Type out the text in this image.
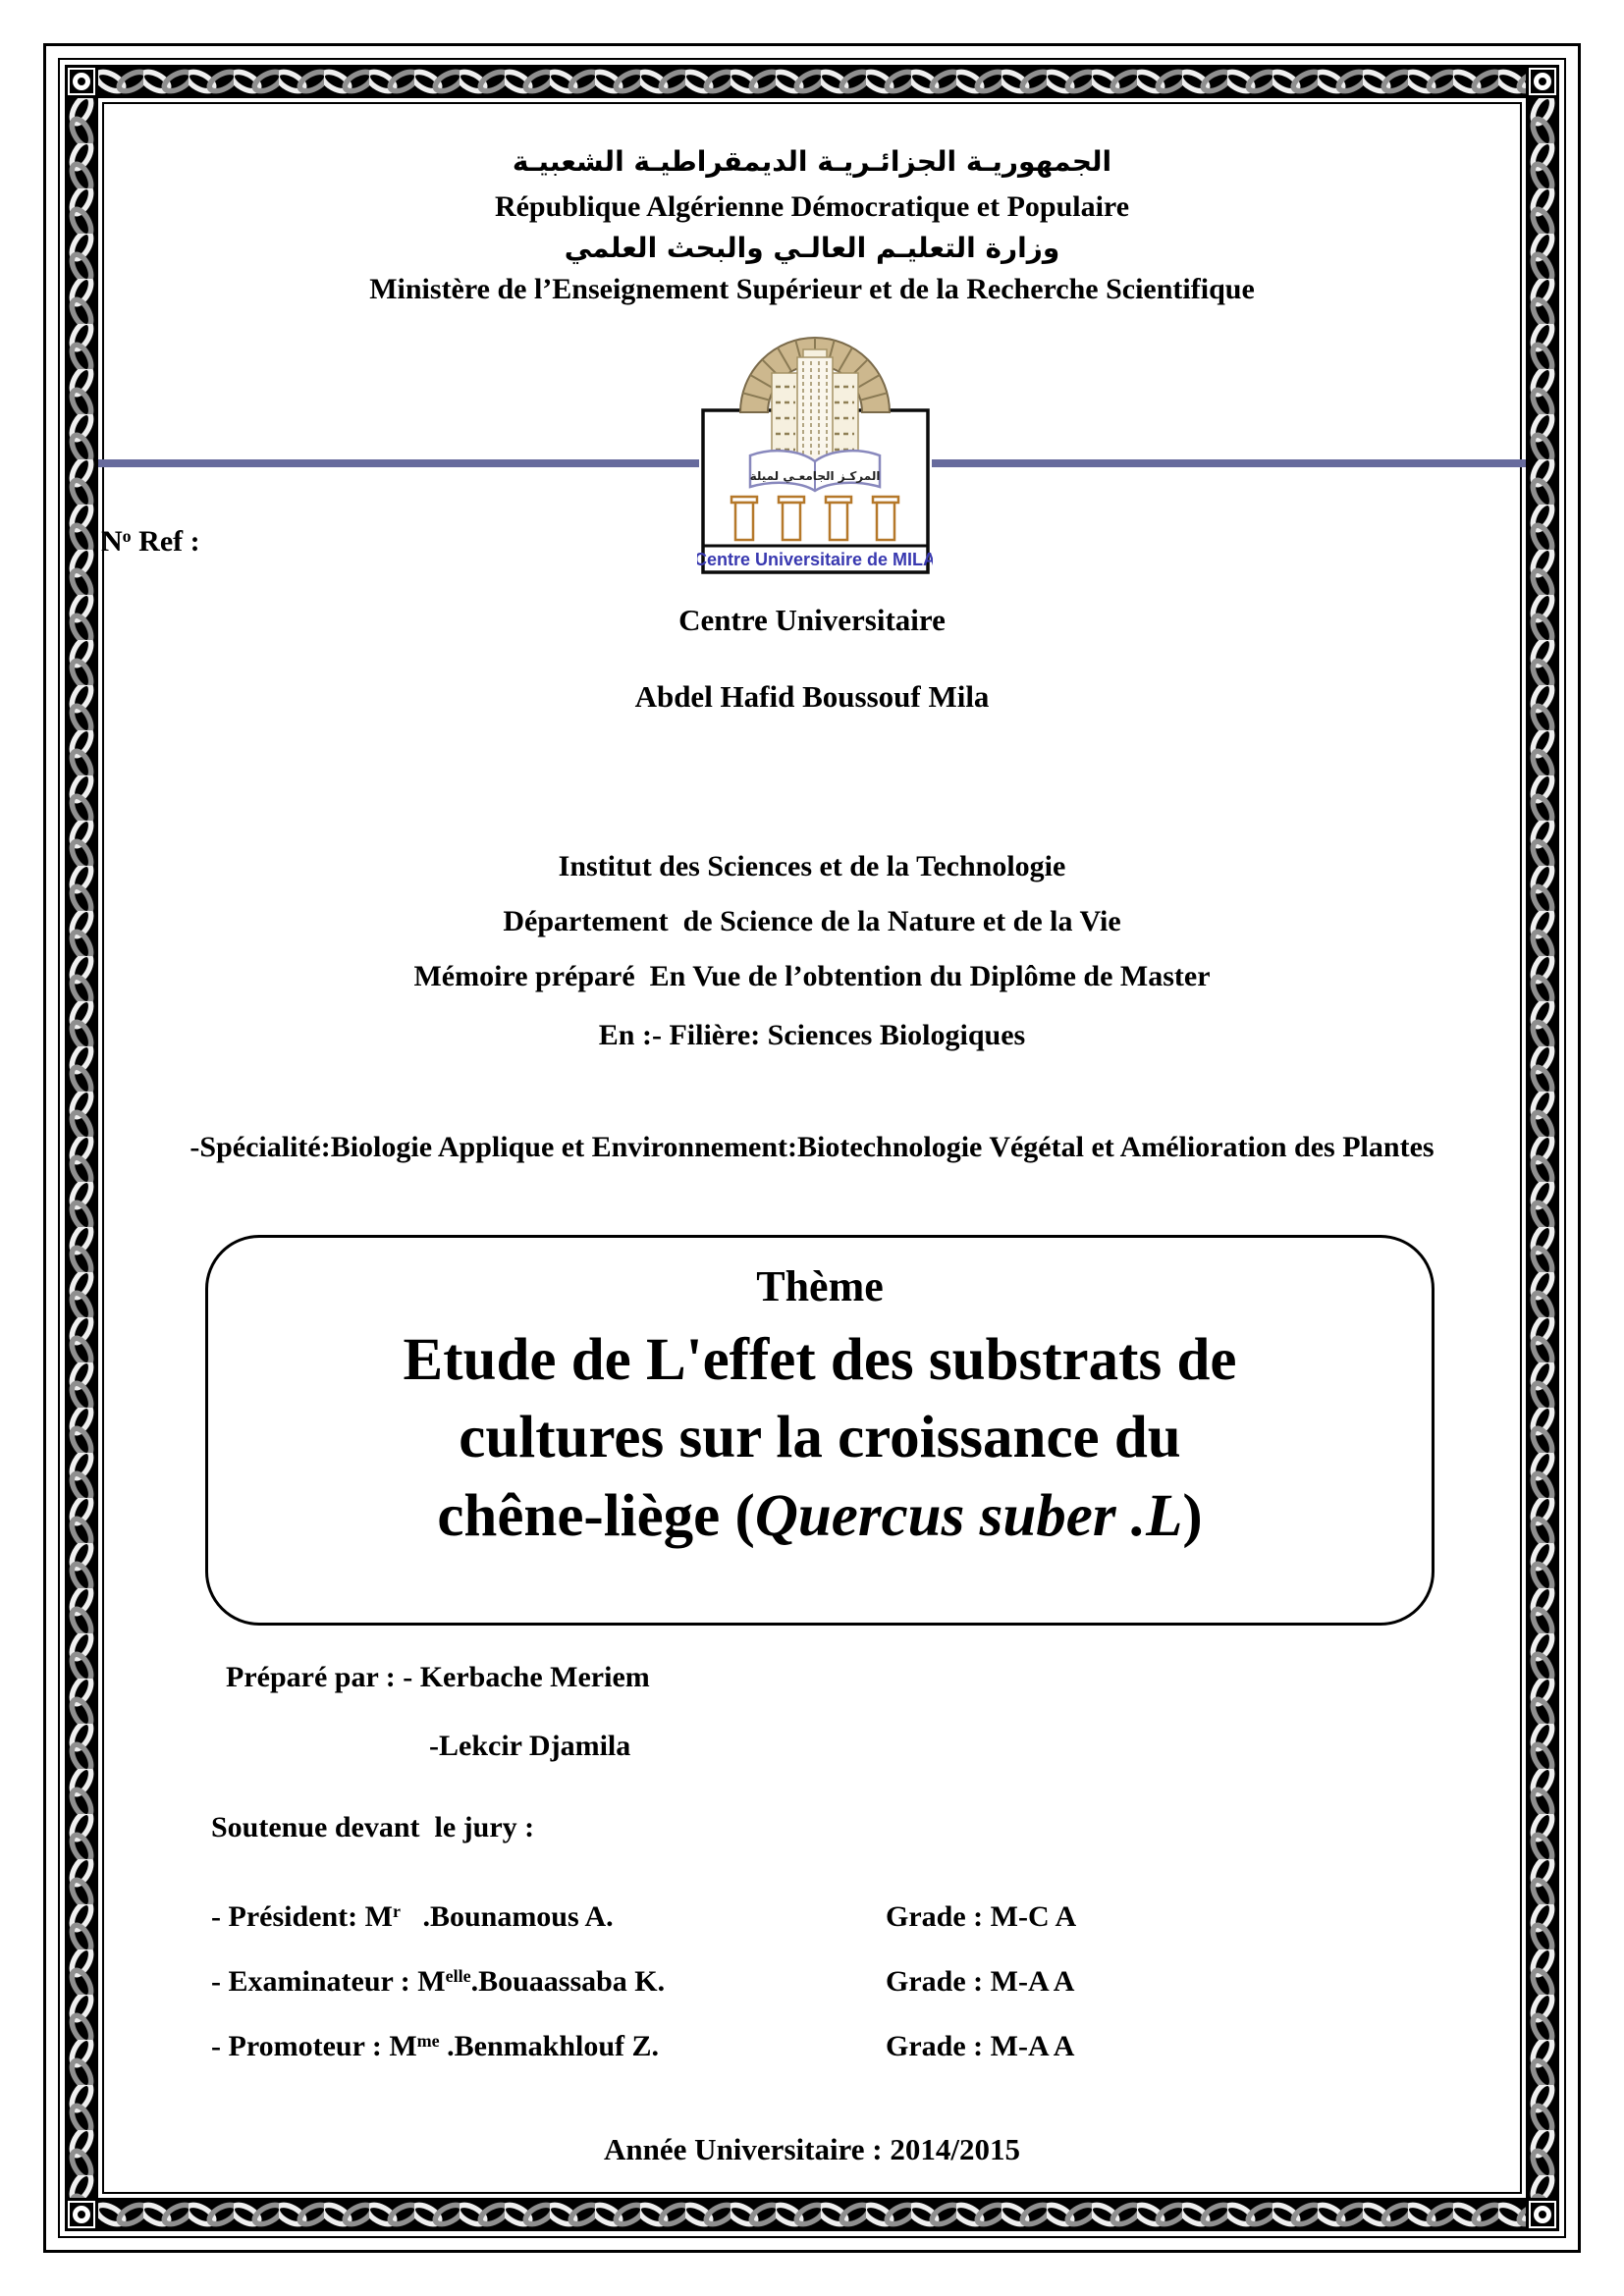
الجمهوريـة الجزائـريـة الديمقراطيـة الشعبيـة
République Algérienne Démocratique et Populaire
وزارة التعليـم العالـي والبحث العلمي
Ministère de l’Enseignement Supérieur et de la Recherche Scientifique
$N^o$ Ref :
المركـز الجامعـي لميلة
Centre Universitaire de MILA
Centre Universitaire
Abdel Hafid Boussouf Mila
Institut des Sciences et de la Technologie
Département  de Science de la Nature et de la Vie
Mémoire préparé  En Vue de l’obtention du Diplôme de Master
En :- Filière: Sciences Biologiques
-Spécialité:Biologie Applique et Environnement:Biotechnologie Végétal et Amélioration des Plantes
Thème
Etude de L'effet des substrats de
cultures sur la croissance du
chêne-liège (Quercus suber .L)
Préparé par : - Kerbache Meriem
-Lekcir Djamila
Soutenue devant  le jury :
- Président: $M^r$   .Bounamous A.	Grade : M-C A
- Examinateur : $M^{elle}.Bouaassaba$ K.	Grade : M-A A
- Promoteur : $M^{me}$ .Benmakhlouf Z.	Grade : M-A A
Année Universitaire : 2014/2015
